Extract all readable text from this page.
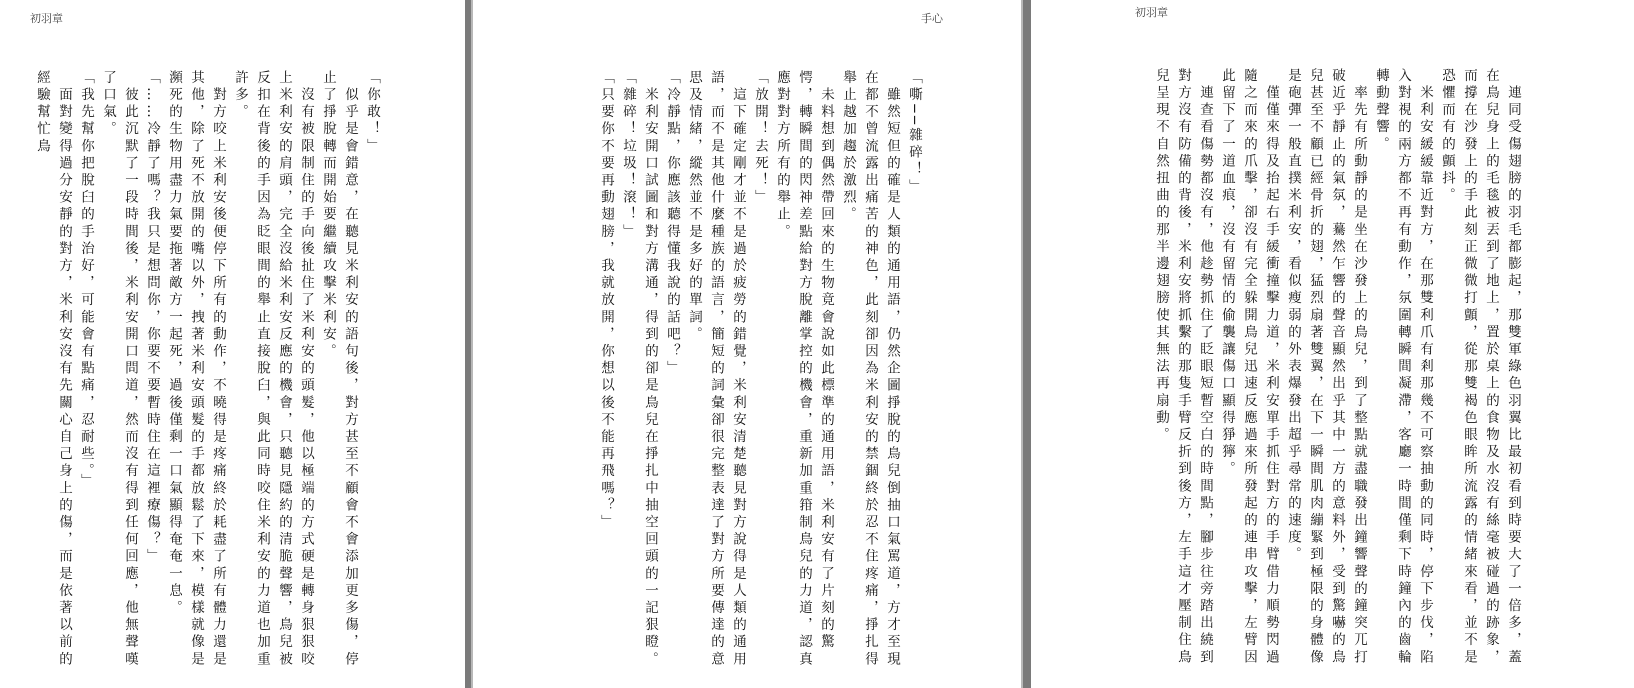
初羽章
「你敢！」
　似乎是會錯意，在聽見米利安的語句後，對方甚至不顧會不會添加更多傷，停止了掙脫轉而開始要繼續攻擊米利安。
　沒有被限制住的手向後扯住了米利安的頭髮，他以極端的方式硬是轉身狠狠咬上米利安的肩頭，完全沒給米利安反應的機會，只聽見隱約的清脆聲響，鳥兒被反扣在背後的手因為眨眼間的舉止直接脫臼，與此同時咬住米利安的力道也加重許多。
　對方咬上米利安後便停下所有的動作，不曉得是疼痛終於耗盡了所有體力還是其他，除了死不放開的嘴以外，拽著米利安頭髮的手都放鬆了下來，模樣就像是瀕死的生物用盡力氣要拖著敵方一起死，過後僅剩一口氣顯得奄奄一息。
「……冷靜了嗎？我只是想問你，你要不要暫時住在這裡療傷？」
　彼此沉默了一段時間後，米利安開口問道，然而沒有得到任何回應，他無聲嘆了口氣。
「我先幫你把脫臼的手治好，可能會有點痛，忍耐些。」
　面對變得過分安靜的對方，米利安沒有先關心自己身上的傷，而是依著以前的經驗幫忙鳥
手心
「嘶──雜碎！」
　雖然短但的確是人類的通用語，仍然企圖掙脫的鳥兒倒抽口氣罵道，方才至現在都不曾流露出痛苦的神色，此刻卻因為米利安的禁錮終於忍不住疼痛，掙扎得舉止越加趨於激烈。
　未料想到偶然帶回來的生物竟會說如此標準的通用語，米利安有了片刻的驚愕，轉瞬間的閃神差點給對方脫離掌控的機會，重新加重箝制鳥兒的力道，認真應對對方所有的舉止。
「放開！去死！」
　這下確定剛才並不是過於疲勞的錯覺，米利安清楚聽見對方說得是人類的通用語，而不是其他什麼種族的語言，簡短的詞彙卻很完整表達了對方所要傳達的意思及情緒，縱然並不是多好的單詞。
「冷靜點，你應該聽得懂我說的話吧？」
　米利安開口試圖和對方溝通，得到的卻是鳥兒在掙扎中抽空回頭的一記狠瞪。
「雜碎！垃圾！滾！」
「只要你不要再動翅膀，我就放開，你想以後不能再飛嗎？」
初羽章
　連同受傷翅膀的羽毛都膨起，那雙軍綠色羽翼比最初看到時要大了一倍多，蓋在鳥兒身上的毛毯被丟到了地上，置於桌上的食物及水沒有絲毫被碰過的跡象，而撐在沙發上的手此刻正微微打顫，從那雙褐色眼眸所流露的情緒來看，並不是恐懼而有的顫抖。
　米利安緩緩靠近對方，在那雙利爪有剎那幾不可察抽動的同時，停下步伐，陷入對視的兩方都不再有動作，氛圍轉瞬間凝滯，客廳一時間僅剩下時鐘內的齒輪轉動聲響。
　率先有所動靜的是坐在沙發上的鳥兒，到了整點就盡職發出鐘響聲的鐘突兀打破近乎靜止的氣氛，驀然乍響的聲音顯然出乎其中一方的意料外，受到驚嚇的鳥兒甚至不顧已經骨折的翅，猛烈扇著雙翼，在下一瞬間肌肉繃緊到極限的身體像是砲彈一般直撲米利安，看似瘦弱的外表爆發出超乎尋常的速度。
　僅僅來得及抬起右手緩衝撞擊力道，米利安單手抓住對方的手臂借力順勢閃過隨之而來的爪擊，卻沒有完全躲開鳥兒迅速反應過來所發起的連串攻擊，左臂因此留下了一道血痕，沒有留情的偷襲讓傷口顯得猙獰。
　連查看傷勢都沒有，他趁勢抓住了眨眼短暫空白的時間點，腳步往旁踏出繞到對方沒有防備的背後，米利安將抓繫的那隻手臂反折到後方，左手這才壓制住鳥兒呈現不自然扭曲的那半邊翅膀使其無法再扇動。
